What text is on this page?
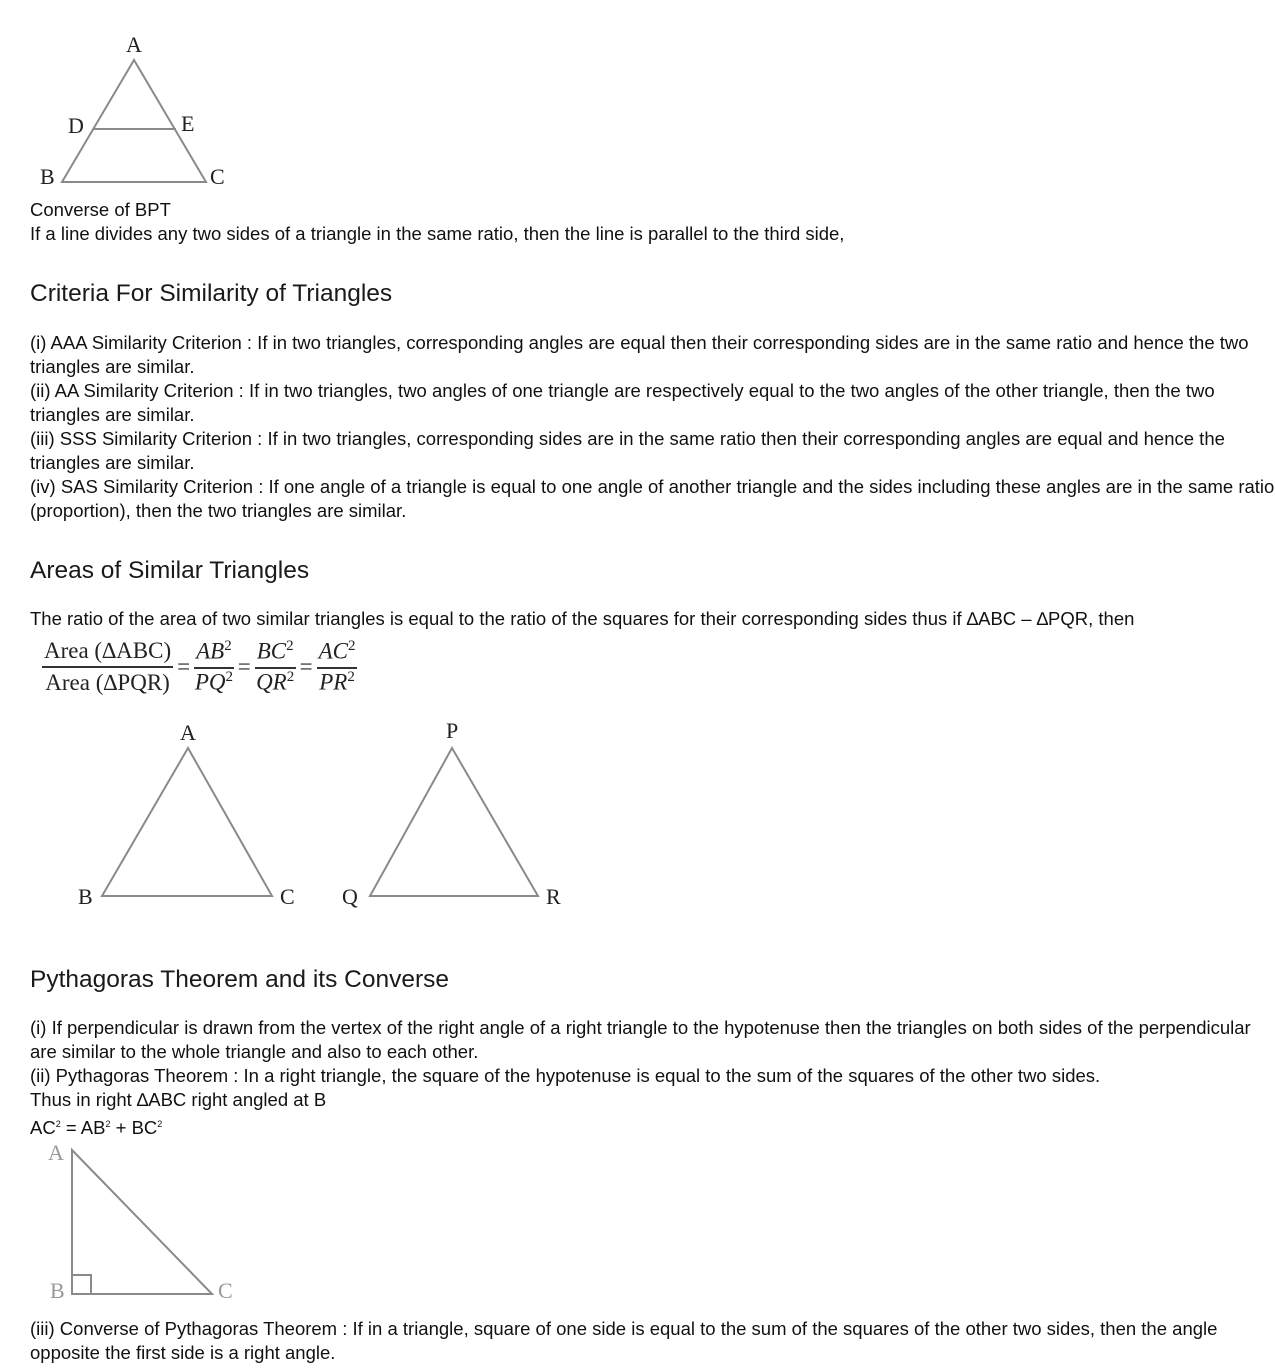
A
D	E
B	C

Converse of BPT

If a line divides any two sides of a triangle in the same ratio, then the line is parallel to the third side,

Criteria For Similarity of Triangles

(i) AAA Similarity Criterion : If in two triangles, corresponding angles are equal then their corresponding sides are in the same ratio and hence the two triangles are similar.

(ii) AA Similarity Criterion : If in two triangles, two angles of one triangle are respectively equal to the two angles of the other triangle, then the two triangles are similar.

(iii) SSS Similarity Criterion : If in two triangles, corresponding sides are in the same ratio then their corresponding angles are equal and hence the triangles are similar.

(iv) SAS Similarity Criterion : If one angle of a triangle is equal to one angle of another triangle and the sides including these angles are in the same ratio (proportion), then the two triangles are similar.

Areas of Similar Triangles

The ratio of the area of two similar triangles is equal to the ratio of the squares for their corresponding sides thus if ∆ABC – ∆PQR, then

Area (∆ABC)
Area (∆PQR)
= $\frac{AB^2}{PQ^2} = \frac{BC^2}{QR^2} = \frac{AC^2}{PR^2}$
A
B	C
P
Q	R
Pythagoras Theorem and its Converse

(i) If perpendicular is drawn from the vertex of the right angle of a right triangle to the hypotenuse then the triangles on both sides of the perpendicular are similar to the whole triangle and also to each other.

(ii) Pythagoras Theorem : In a right triangle, the square of the hypotenuse is equal to the sum of the squares of the other two sides.

Thus in right ∆ABC right angled at B

$AC^2 = AB^2 + BC^2$

A
B	C

(iii) Converse of Pythagoras Theorem : If in a triangle, square of one side is equal to the sum of the squares of the other two sides, then the angle opposite the first side is a right angle.
